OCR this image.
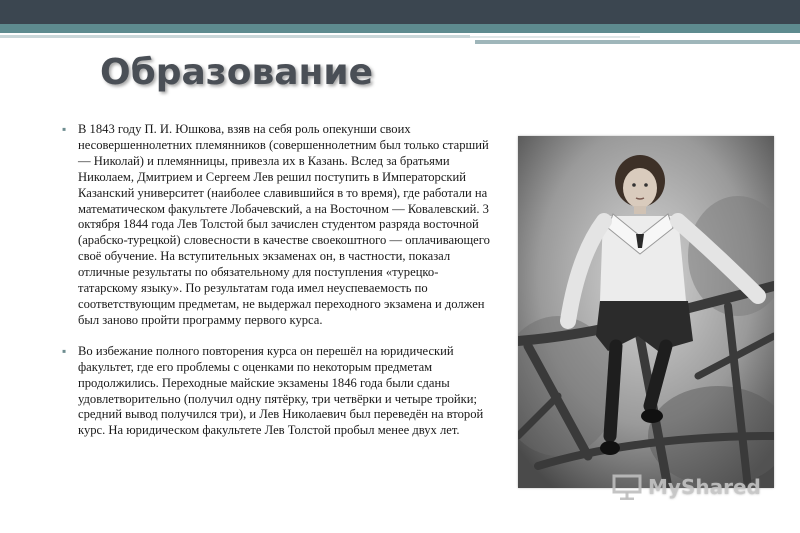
Образование

▪ В 1843 году П. И. Юшкова, взяв на себя роль опекунши своих несовершеннолетних племянников (совершеннолетним был только старший — Николай) и племянницы, привезла их в Казань. Вслед за братьями Николаем, Дмитрием и Сергеем Лев решил поступить в Императорский Казанский университет (наиболее славившийся в то время), где работали на математическом факультете Лобачевский, а на Восточном — Ковалевский. 3 октября 1844 года Лев Толстой был зачислен студентом разряда восточной (арабско-турецкой) словесности в качестве своекоштного — оплачивающего своё обучение. На вступительных экзаменах он, в частности, показал отличные результаты по обязательному для поступления «турецко-татарскому языку». По результатам года имел неуспеваемость по соответствующим предметам, не выдержал переходного экзамена и должен был заново пройти программу первого курса.

▪ Во избежание полного повторения курса он перешёл на юридический факультет, где его проблемы с оценками по некоторым предметам продолжились. Переходные майские экзамены 1846 года были сданы удовлетворительно (получил одну пятёрку, три четвёрки и четыре тройки; средний вывод получился три), и Лев Николаевич был переведён на второй курс. На юридическом факультете Лев Толстой пробыл менее двух лет.

MyShared
